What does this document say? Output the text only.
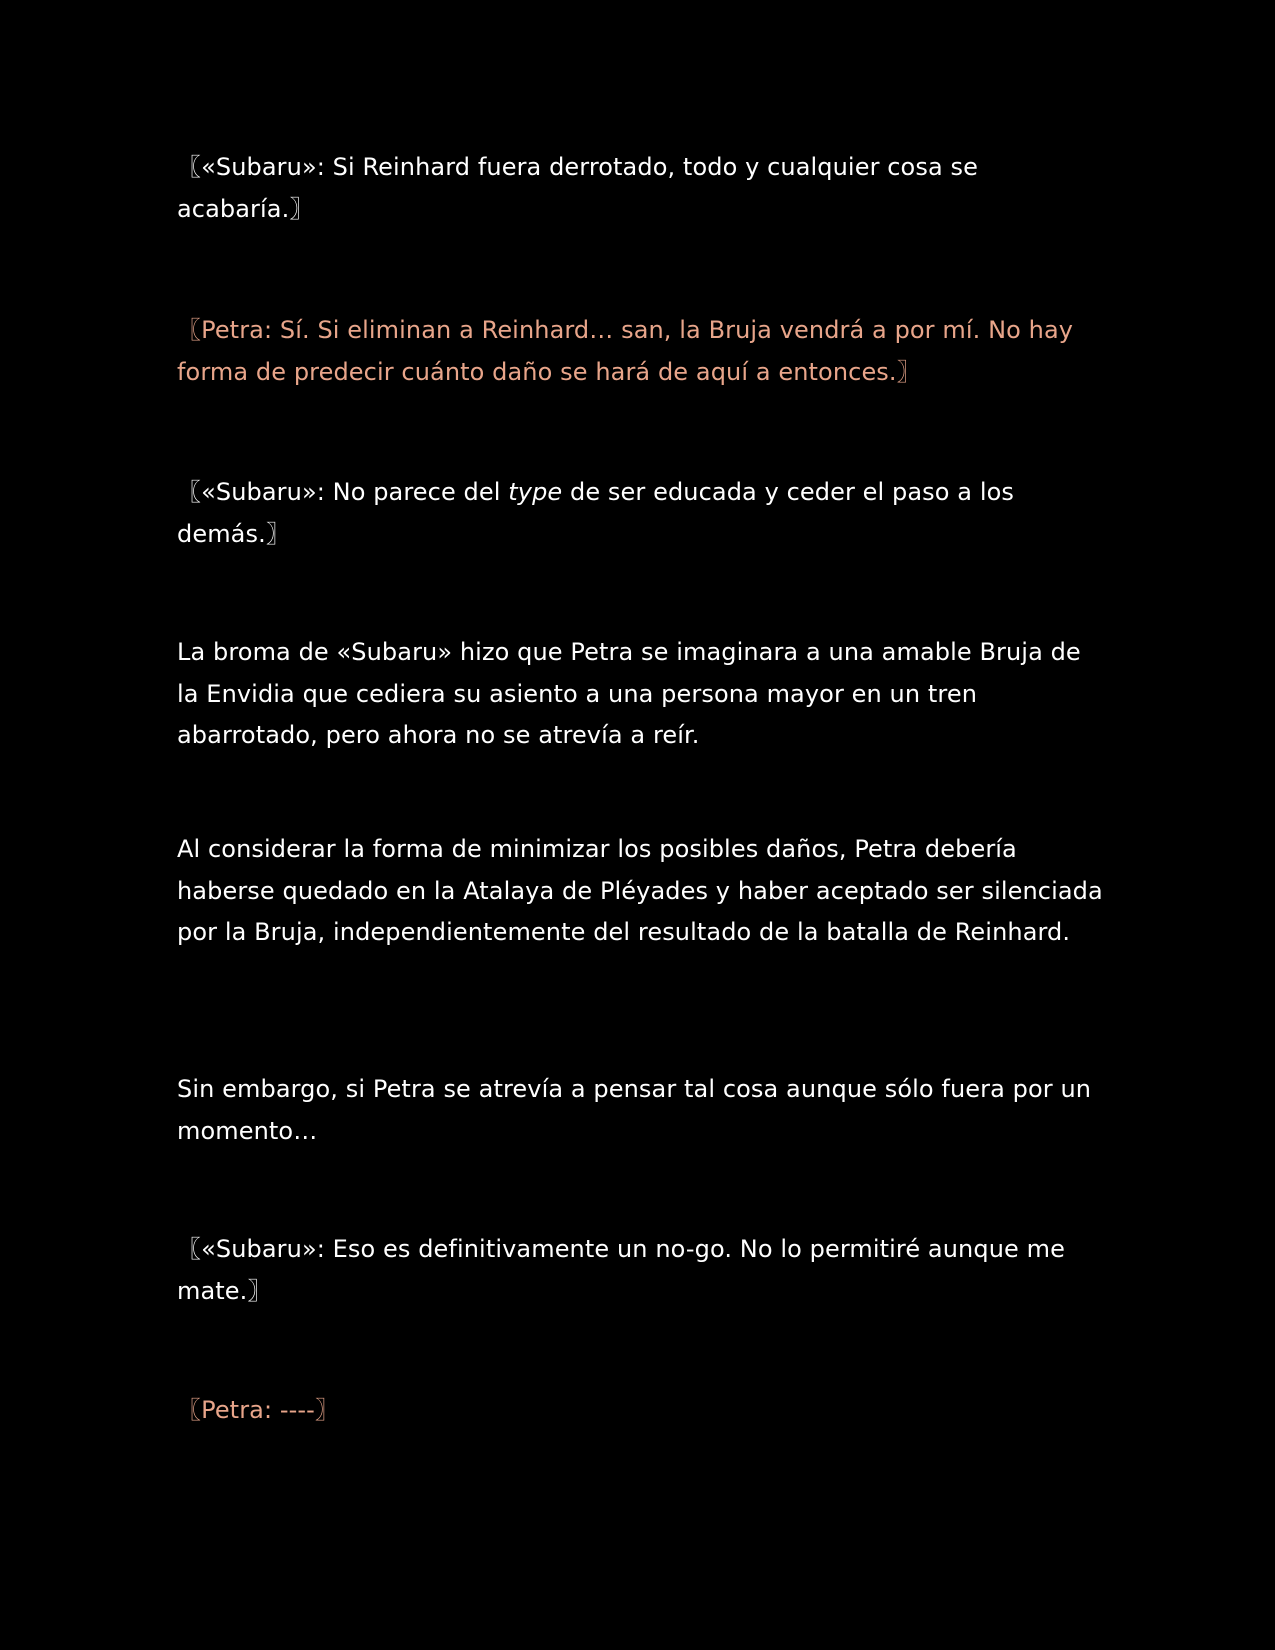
〖«Subaru»: Si Reinhard fuera derrotado, todo y cualquier cosa se acabaría.〗

〖Petra: Sí. Si eliminan a Reinhard… san, la Bruja vendrá a por mí. No hay forma de predecir cuánto daño se hará de aquí a entonces.〗

〖«Subaru»: No parece del type de ser educada y ceder el paso a los demás.〗

La broma de «Subaru» hizo que Petra se imaginara a una amable Bruja de la Envidia que cediera su asiento a una persona mayor en un tren abarrotado, pero ahora no se atrevía a reír.

Al considerar la forma de minimizar los posibles daños, Petra debería haberse quedado en la Atalaya de Pléyades y haber aceptado ser silenciada por la Bruja, independientemente del resultado de la batalla de Reinhard.

Sin embargo, si Petra se atrevía a pensar tal cosa aunque sólo fuera por un momento…

〖«Subaru»: Eso es definitivamente un no-go. No lo permitiré aunque me mate.〗

〖Petra: ----〗
